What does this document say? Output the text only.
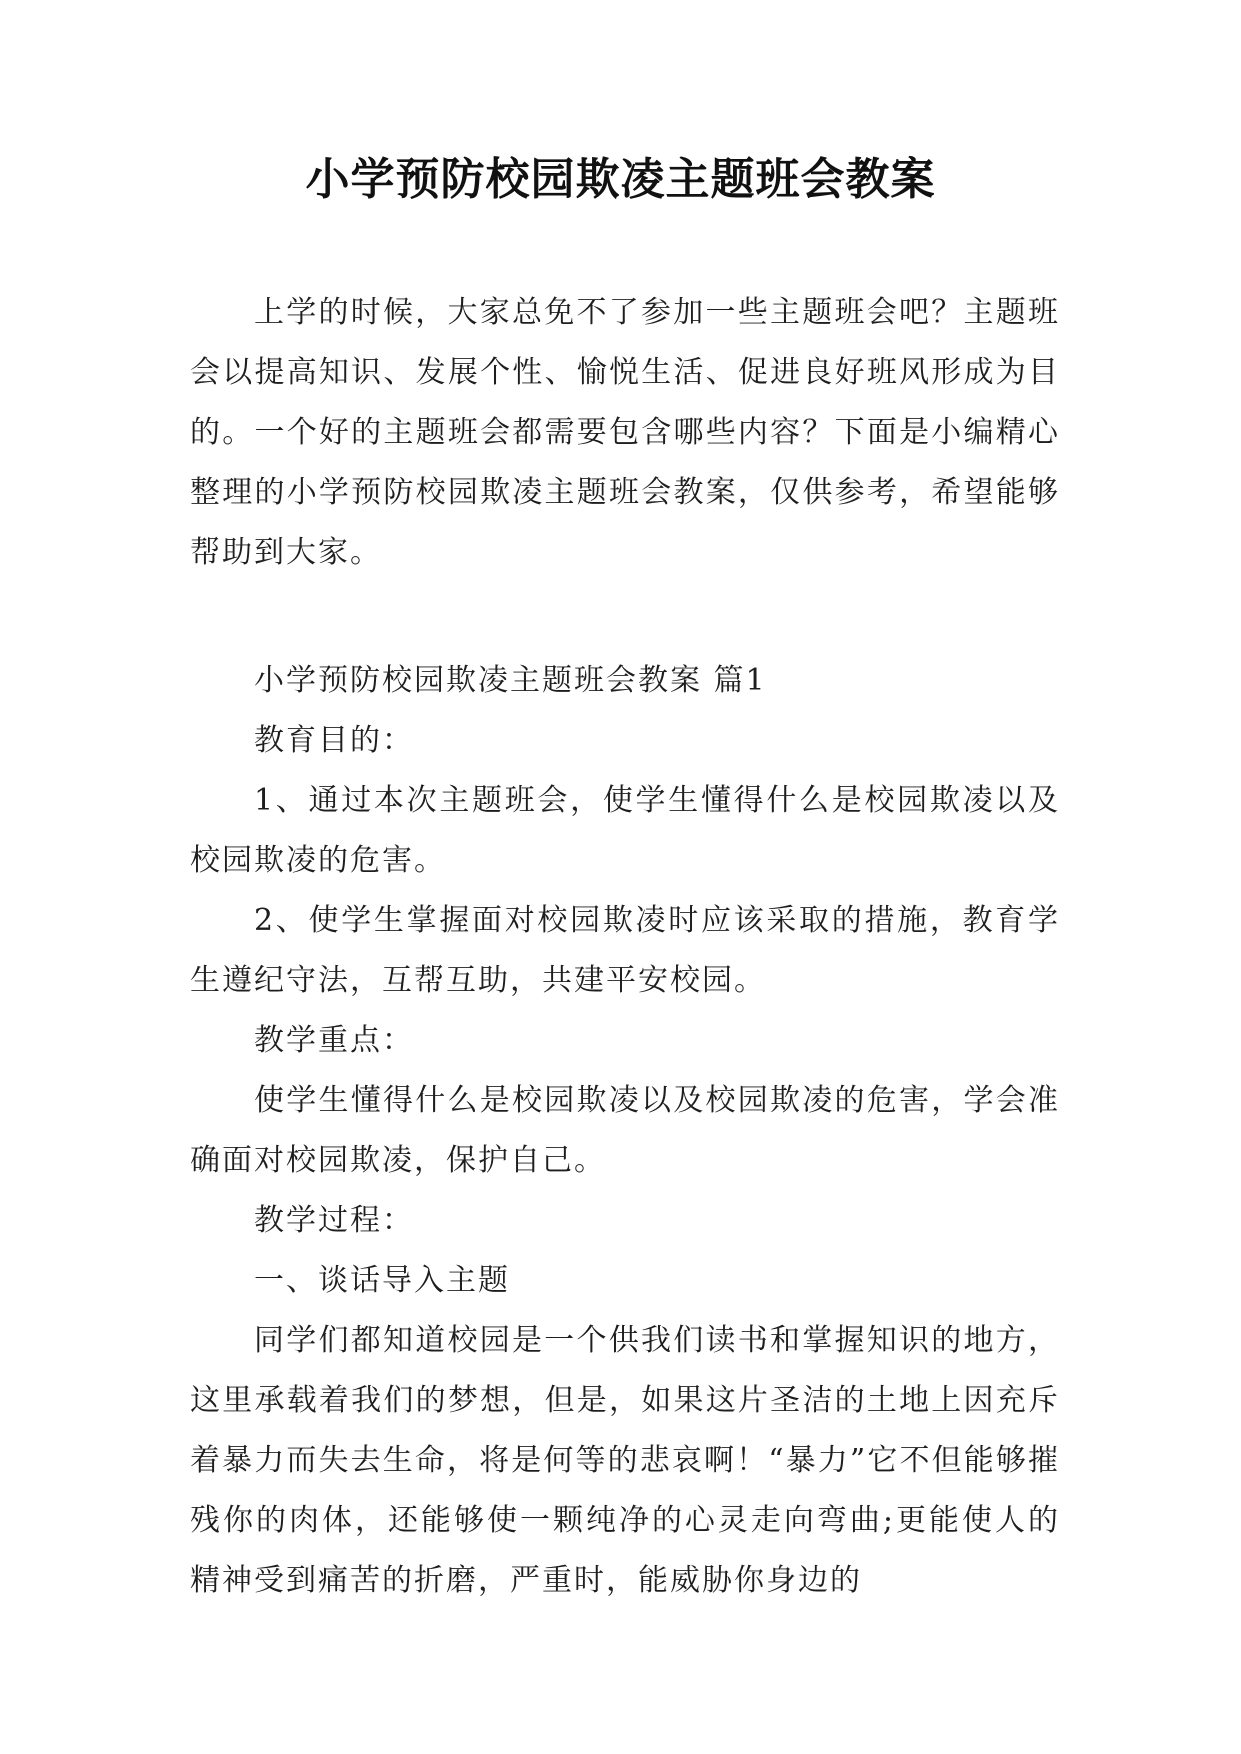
小学预防校园欺凌主题班会教案

上学的时候，大家总免不了参加一些主题班会吧？主题班会以提高知识、发展个性、愉悦生活、促进良好班风形成为目的。一个好的主题班会都需要包含哪些内容？下面是小编精心整理的小学预防校园欺凌主题班会教案，仅供参考，希望能够帮助到大家。

小学预防校园欺凌主题班会教案 篇1

教育目的：

1、通过本次主题班会，使学生懂得什么是校园欺凌以及校园欺凌的危害。

2、使学生掌握面对校园欺凌时应该采取的措施，教育学生遵纪守法，互帮互助，共建平安校园。

教学重点：

使学生懂得什么是校园欺凌以及校园欺凌的危害，学会准确面对校园欺凌，保护自己。

教学过程：

一、谈话导入主题

同学们都知道校园是一个供我们读书和掌握知识的地方，这里承载着我们的梦想，但是，如果这片圣洁的土地上因充斥着暴力而失去生命，将是何等的悲哀啊！“暴力”它不但能够摧残你的肉体，还能够使一颗纯净的心灵走向弯曲;更能使人的精神受到痛苦的折磨，严重时，能威胁你身边的
